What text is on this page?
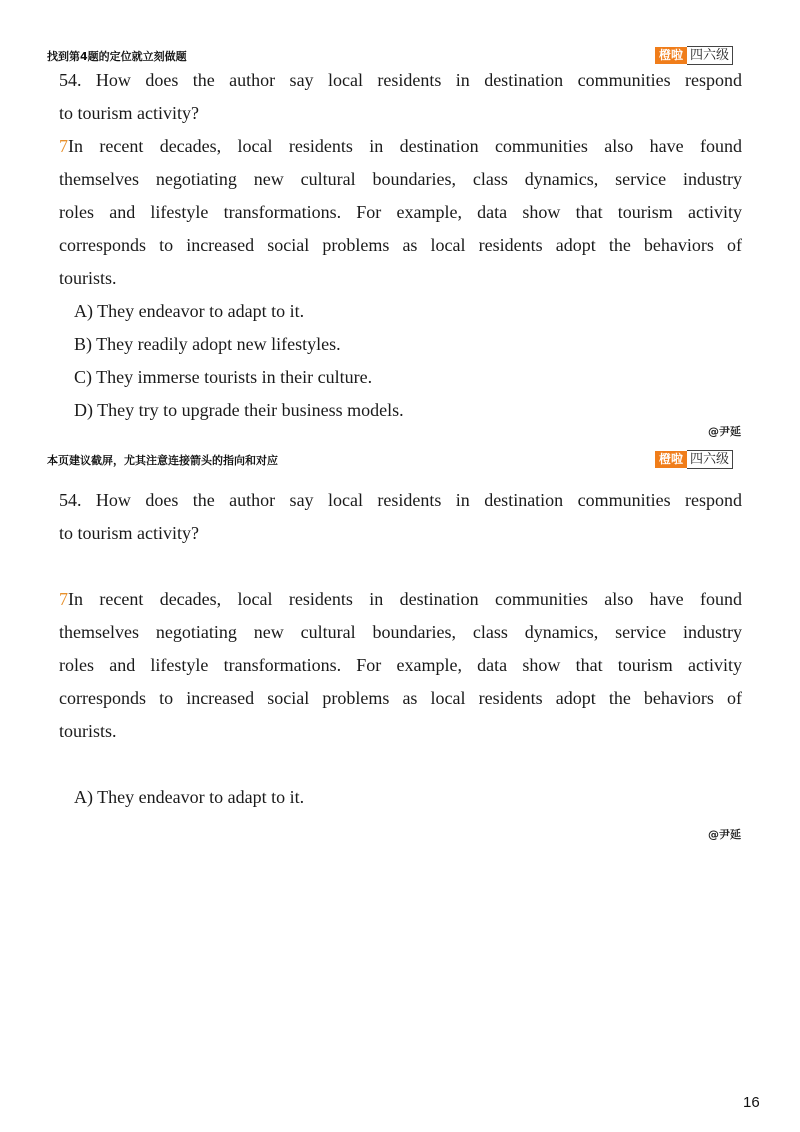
找到第4题的定位就立刻做题	橙啦 四六级
54. How does the author say local residents in destination communities respond
to tourism activity?
7In recent decades, local residents in destination communities also have found
themselves negotiating new cultural boundaries, class dynamics, service industry
roles and lifestyle transformations. For example, data show that tourism activity
corresponds to increased social problems as local residents adopt the behaviors of
tourists.
A) They endeavor to adapt to it.
B) They readily adopt new lifestyles.
C) They immerse tourists in their culture.
D) They try to upgrade their business models.
@尹延
本页建议截屏，尤其注意连接箭头的指向和对应	橙啦 四六级
54. How does the author say local residents in destination communities respond
to tourism activity?
7In recent decades, local residents in destination communities also have found
themselves negotiating new cultural boundaries, class dynamics, service industry
roles and lifestyle transformations. For example, data show that tourism activity
corresponds to increased social problems as local residents adopt the behaviors of
tourists.
A) They endeavor to adapt to it.
@尹延
16
